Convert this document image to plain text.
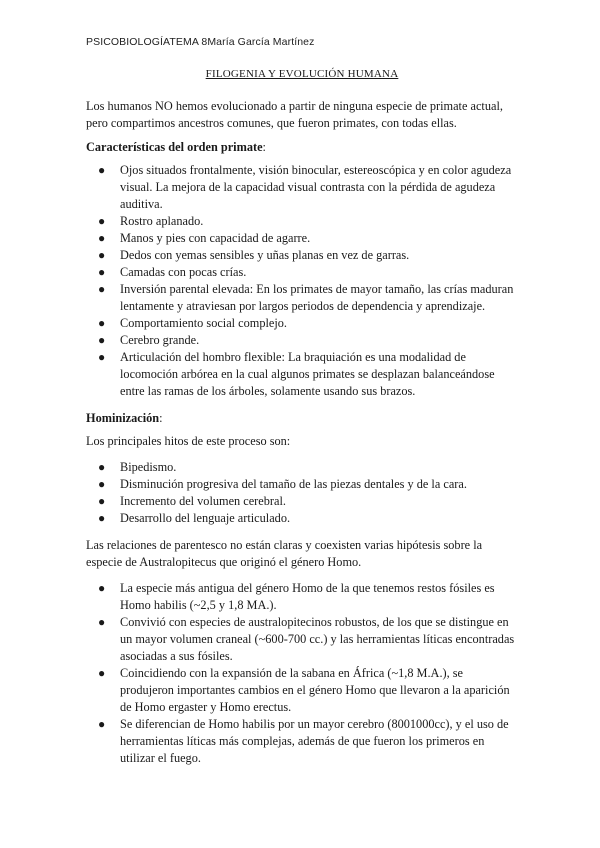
PSICOBIOLOGÍATEMA 8María García Martínez
FILOGENIA Y EVOLUCIÓN HUMANA

Los humanos NO hemos evolucionado a partir de ninguna especie de primate actual, pero compartimos ancestros comunes, que fueron primates, con todas ellas.

Características del orden primate:
● Ojos situados frontalmente, visión binocular, estereoscópica y en color agudeza visual. La mejora de la capacidad visual contrasta con la pérdida de agudeza auditiva.
● Rostro aplanado.
● Manos y pies con capacidad de agarre.
● Dedos con yemas sensibles y uñas planas en vez de garras.
● Camadas con pocas crías.
● Inversión parental elevada: En los primates de mayor tamaño, las crías maduran lentamente y atraviesan por largos periodos de dependencia y aprendizaje.
● Comportamiento social complejo.
● Cerebro grande.
● Articulación del hombro flexible: La braquiación es una modalidad de locomoción arbórea en la cual algunos primates se desplazan balanceándose entre las ramas de los árboles, solamente usando sus brazos.
Hominización:

Los principales hitos de este proceso son:

● Bipedismo.
● Disminución progresiva del tamaño de las piezas dentales y de la cara.
● Incremento del volumen cerebral.
● Desarrollo del lenguaje articulado.

Las relaciones de parentesco no están claras y coexisten varias hipótesis sobre la especie de Australopitecus que originó el género Homo.

● La especie más antigua del género Homo de la que tenemos restos fósiles es Homo habilis (~2,5 y 1,8 MA.).
● Convivió con especies de australopitecinos robustos, de los que se distingue en un mayor volumen craneal (~600-700 cc.) y las herramientas líticas encontradas asociadas a sus fósiles.
● Coincidiendo con la expansión de la sabana en África (~1,8 M.A.), se produjeron importantes cambios en el género Homo que llevaron a la aparición de Homo ergaster y Homo erectus.
● Se diferencian de Homo habilis por un mayor cerebro (8001000cc), y el uso de herramientas líticas más complejas, además de que fueron los primeros en utilizar el fuego.
